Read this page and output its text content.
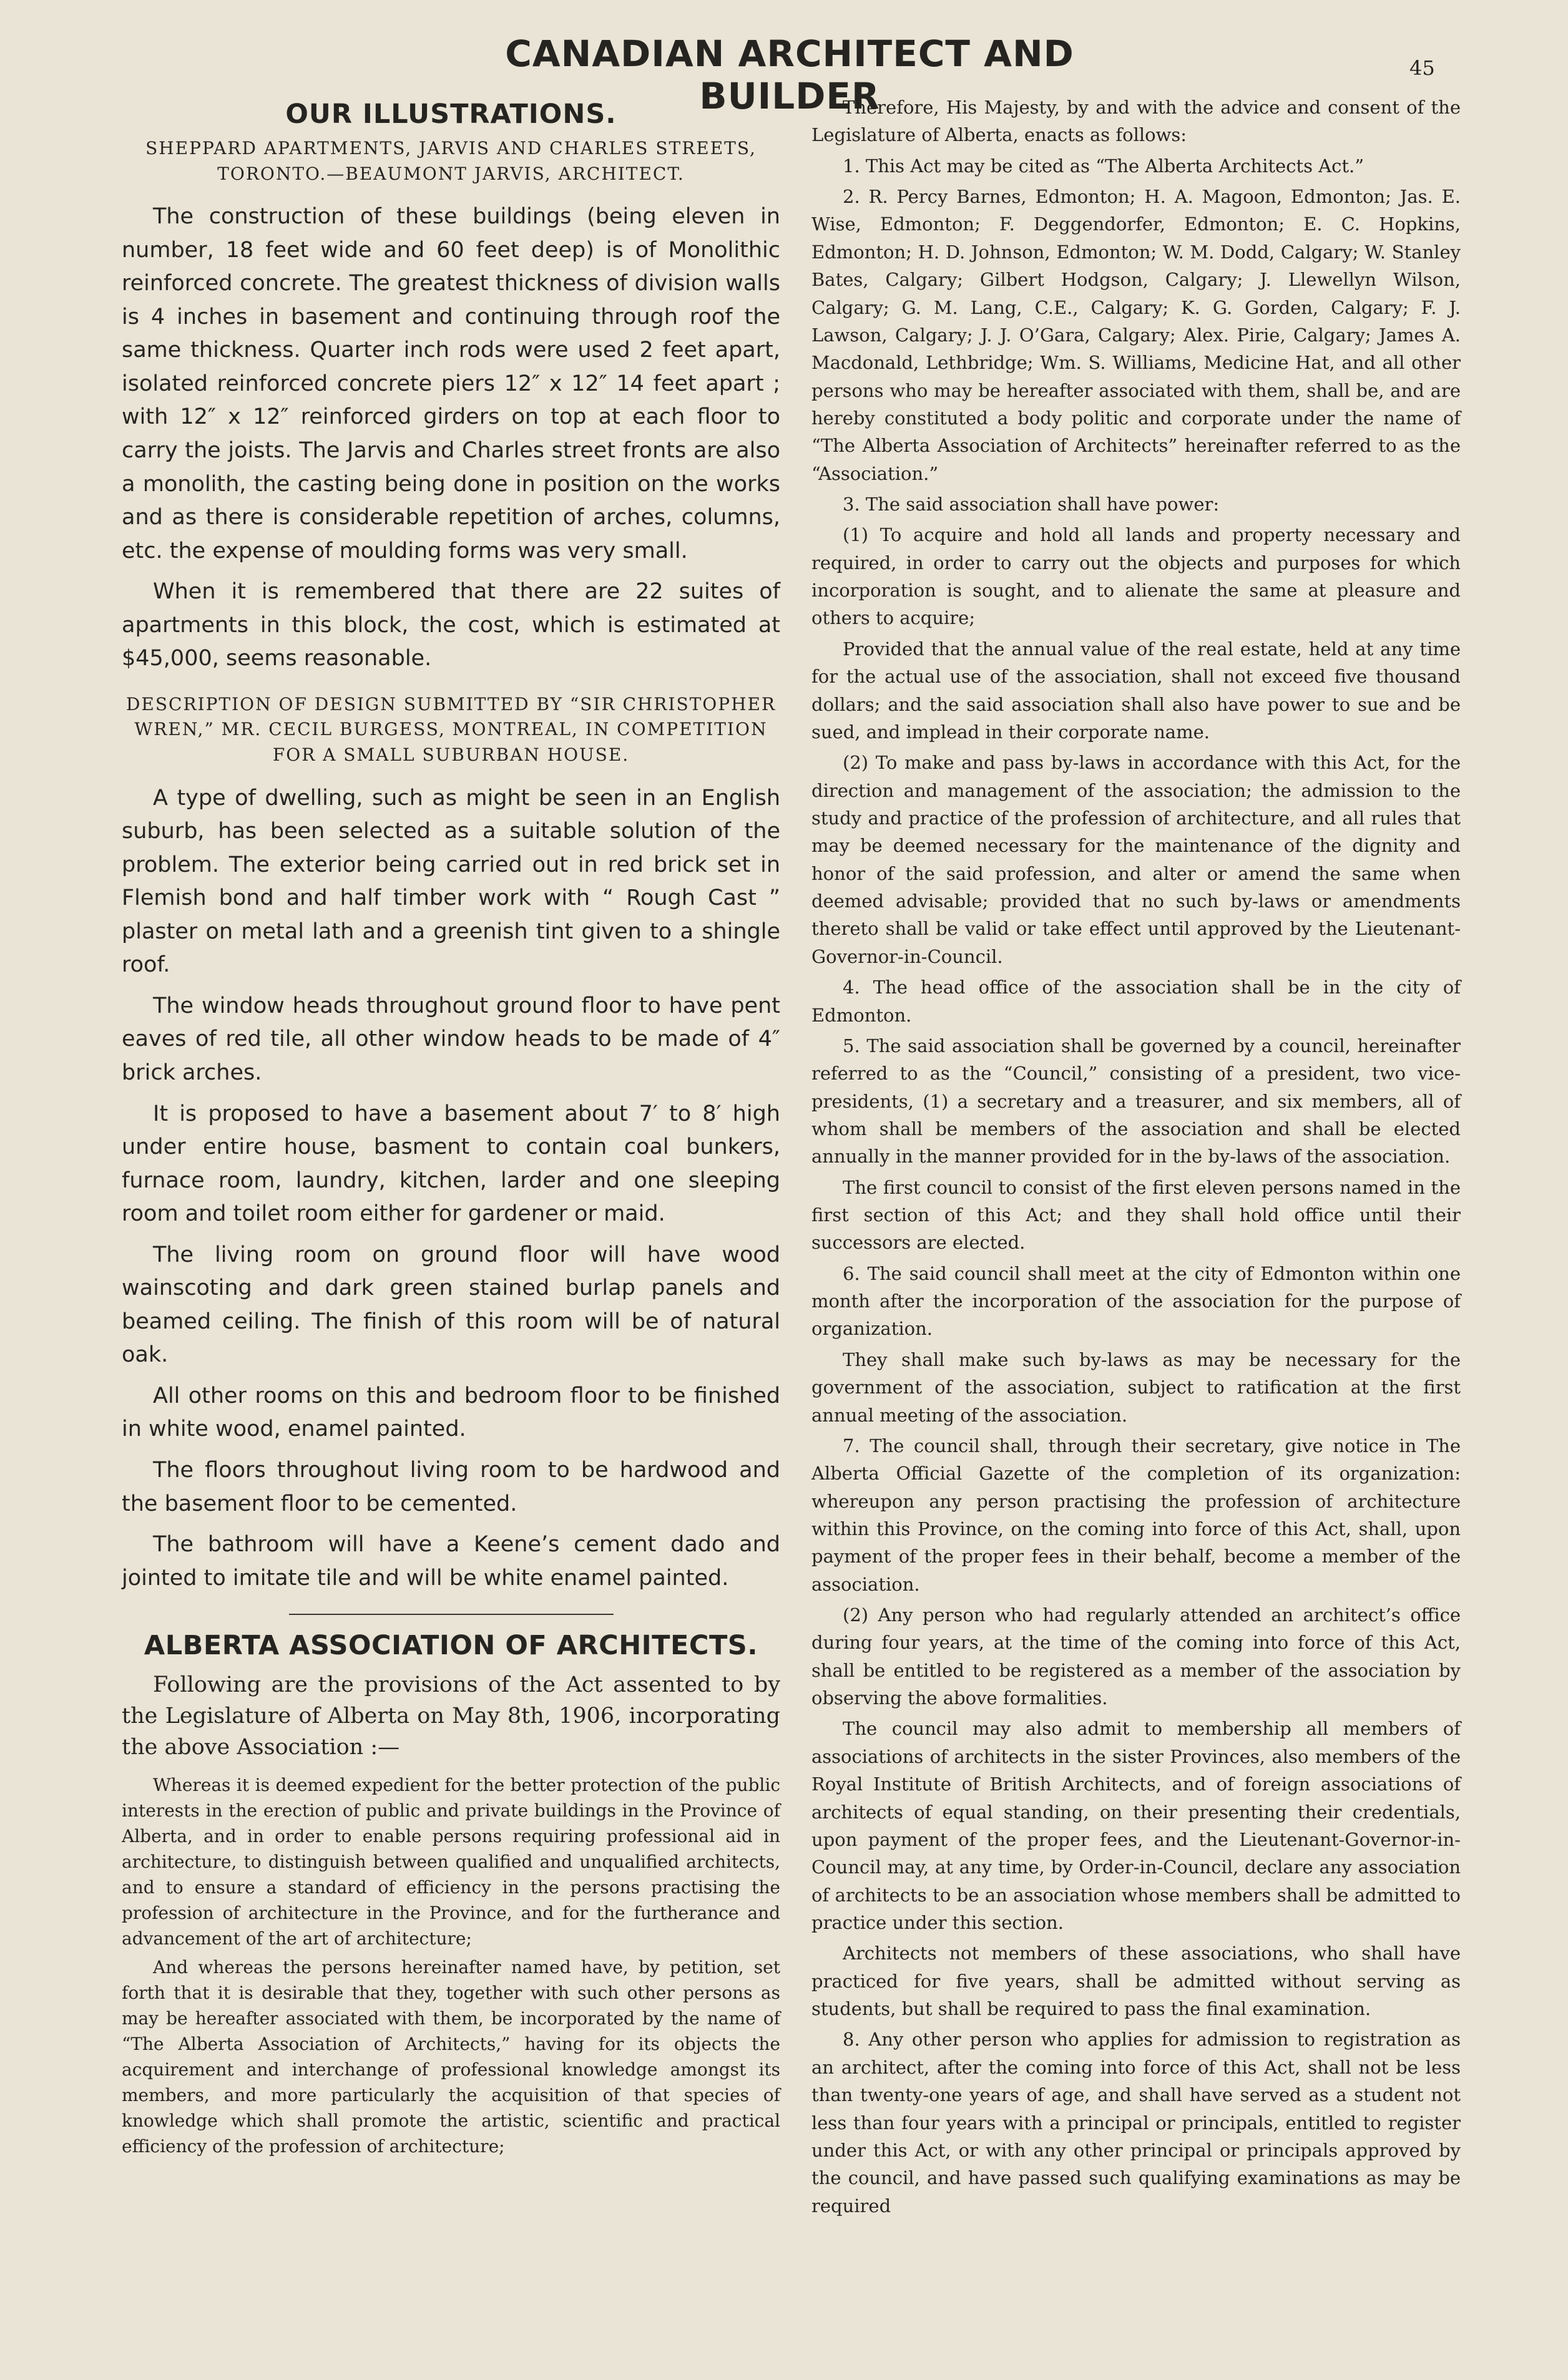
CANADIAN ARCHITECT AND BUILDER
45
OUR ILLUSTRATIONS.

SHEPPARD APARTMENTS, JARVIS AND CHARLES STREETS, TORONTO.—BEAUMONT JARVIS, ARCHITECT.

The construction of these buildings (being eleven in number, 18 feet wide and 60 feet deep) is of Monolithic reinforced concrete. The greatest thickness of division walls is 4 inches in basement and continuing through roof the same thickness. Quarter inch rods were used 2 feet apart, isolated reinforced concrete piers 12″ x 12″ 14 feet apart ; with 12″ x 12″ reinforced girders on top at each floor to carry the joists. The Jarvis and Charles street fronts are also a monolith, the casting being done in position on the works and as there is considerable repetition of arches, columns, etc. the expense of moulding forms was very small.

When it is remembered that there are 22 suites of apartments in this block, the cost, which is estimated at $45,000, seems reasonable.

DESCRIPTION OF DESIGN SUBMITTED BY “SIR CHRISTOPHER WREN,” MR. CECIL BURGESS, MONTREAL, IN COMPETITION FOR A SMALL SUBURBAN HOUSE.

A type of dwelling, such as might be seen in an English suburb, has been selected as a suitable solution of the problem. The exterior being carried out in red brick set in Flemish bond and half timber work with “ Rough Cast ” plaster on metal lath and a greenish tint given to a shingle roof.

The window heads throughout ground floor to have pent eaves of red tile, all other window heads to be made of 4″ brick arches.

It is proposed to have a basement about 7′ to 8′ high under entire house, basment to contain coal bunkers, furnace room, laundry, kitchen, larder and one sleeping room and toilet room either for gardener or maid.

The living room on ground floor will have wood wainscoting and dark green stained burlap panels and beamed ceiling. The finish of this room will be of natural oak.

All other rooms on this and bedroom floor to be finished in white wood, enamel painted.

The floors throughout living room to be hardwood and the basement floor to be cemented.

The bathroom will have a Keene’s cement dado and jointed to imitate tile and will be white enamel painted.

ALBERTA ASSOCIATION OF ARCHITECTS.

Following are the provisions of the Act assented to by the Legislature of Alberta on May 8th, 1906, incorporating the above Association :—

Whereas it is deemed expedient for the better protection of the public interests in the erection of public and private buildings in the Province of Alberta, and in order to enable persons requiring professional aid in architecture, to distinguish between qualified and unqualified architects, and to ensure a standard of efficiency in the persons practising the profession of architecture in the Province, and for the furtherance and advancement of the art of architecture;

And whereas the persons hereinafter named have, by petition, set forth that it is desirable that they, together with such other persons as may be hereafter associated with them, be incorporated by the name of “The Alberta Association of Architects,” having for its objects the acquirement and interchange of professional knowledge amongst its members, and more particularly the acquisition of that species of knowledge which shall promote the artistic, scientific and practical efficiency of the profession of architecture;

Therefore, His Majesty, by and with the advice and consent of the Legislature of Alberta, enacts as follows:

1. This Act may be cited as “The Alberta Architects Act.”

2. R. Percy Barnes, Edmonton; H. A. Magoon, Edmonton; Jas. E. Wise, Edmonton; F. Deggendorfer, Edmonton; E. C. Hopkins, Edmonton; H. D. Johnson, Edmonton; W. M. Dodd, Calgary; W. Stanley Bates, Calgary; Gilbert Hodgson, Calgary; J. Llewellyn Wilson, Calgary; G. M. Lang, C.E., Calgary; K. G. Gorden, Calgary; F. J. Lawson, Calgary; J. J. O’Gara, Calgary; Alex. Pirie, Calgary; James A. Macdonald, Lethbridge; Wm. S. Williams, Medicine Hat, and all other persons who may be hereafter associated with them, shall be, and are hereby constituted a body politic and corporate under the name of “The Alberta Association of Architects” hereinafter referred to as the “Association.”

3. The said association shall have power:

(1) To acquire and hold all lands and property necessary and required, in order to carry out the objects and purposes for which incorporation is sought, and to alienate the same at pleasure and others to acquire;

Provided that the annual value of the real estate, held at any time for the actual use of the association, shall not exceed five thousand dollars; and the said association shall also have power to sue and be sued, and implead in their corporate name.

(2) To make and pass by-laws in accordance with this Act, for the direction and management of the association; the admission to the study and practice of the profession of architecture, and all rules that may be deemed necessary for the maintenance of the dignity and honor of the said profession, and alter or amend the same when deemed advisable; provided that no such by-laws or amendments thereto shall be valid or take effect until approved by the Lieutenant-Governor-in-Council.

4. The head office of the association shall be in the city of Edmonton.

5. The said association shall be governed by a council, hereinafter referred to as the “Council,” consisting of a president, two vice-presidents, (1) a secretary and a treasurer, and six members, all of whom shall be members of the association and shall be elected annually in the manner provided for in the by-laws of the association.

The first council to consist of the first eleven persons named in the first section of this Act; and they shall hold office until their successors are elected.

6. The said council shall meet at the city of Edmonton within one month after the incorporation of the association for the purpose of organization.

They shall make such by-laws as may be necessary for the government of the association, subject to ratification at the first annual meeting of the association.

7. The council shall, through their secretary, give notice in The Alberta Official Gazette of the completion of its organization: whereupon any person practising the profession of architecture within this Province, on the coming into force of this Act, shall, upon payment of the proper fees in their behalf, become a member of the association.

(2) Any person who had regularly attended an architect’s office during four years, at the time of the coming into force of this Act, shall be entitled to be registered as a member of the association by observing the above formalities.

The council may also admit to membership all members of associations of architects in the sister Provinces, also members of the Royal Institute of British Architects, and of foreign associations of architects of equal standing, on their presenting their credentials, upon payment of the proper fees, and the Lieutenant-Governor-in-Council may, at any time, by Order-in-Council, declare any association of architects to be an association whose members shall be admitted to practice under this section.

Architects not members of these associations, who shall have practiced for five years, shall be admitted without serving as students, but shall be required to pass the final examination.

8. Any other person who applies for admission to registration as an architect, after the coming into force of this Act, shall not be less than twenty-one years of age, and shall have served as a student not less than four years with a principal or principals, entitled to register under this Act, or with any other principal or principals approved by the council, and have passed such qualifying examinations as may be required
